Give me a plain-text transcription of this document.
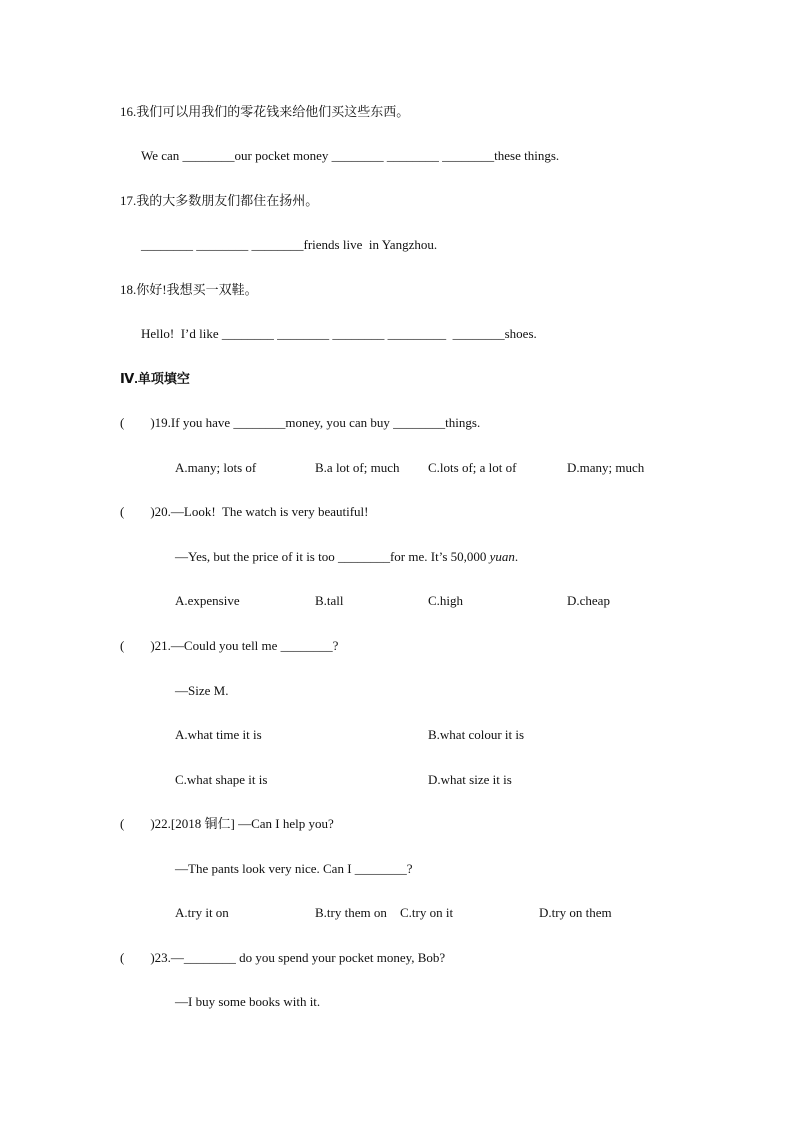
16.我们可以用我们的零花钱来给他们买这些东西。
We can ________our pocket money ________ ________ ________these things.
17.我的大多数朋友们都住在扬州。
________ ________ ________friends live  in Yangzhou.
18.你好!我想买一双鞋。
Hello!  I’d like ________ ________ ________ _________  ________shoes.
Ⅳ.单项填空
(        )19.If you have ________money, you can buy ________things.
A.many; lots of	B.a lot of; much C.lots of; a lot of	D.many; much
(        )20.—Look!  The watch is very beautiful!
—Yes, but the price of it is too ________for me. It’s 50,000 yuan.
A.expensive	B.tall	C.high	D.cheap
(        )21.—Could you tell me ________?
—Size M.
A.what time it is	B.what colour it is
C.what shape it is	D.what size it is
(        )22.[2018 铜仁] —Can I help you?
—The pants look very nice. Can I ________?
A.try it on	B.try them on C.try on it	D.try on them
(        )23.—________ do you spend your pocket money, Bob?
—I buy some books with it.
